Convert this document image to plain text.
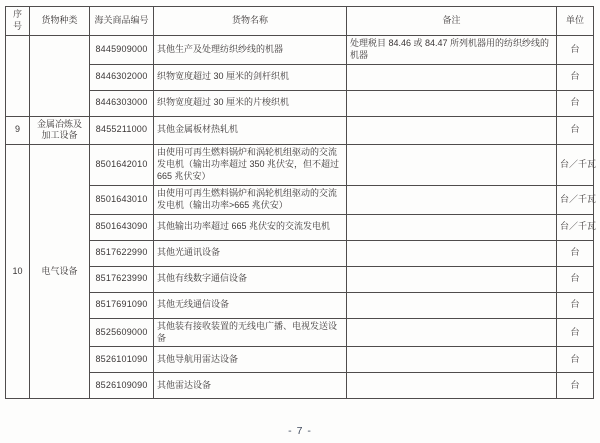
序号	货物种类	海关商品编号	货物名称	备注	单位
		8445909000	其他生产及处理纺织纱线的机器	处理税目 84.46 或 84.47 所列机器用的纺织纱线的机器	台
		8446302000	织物宽度超过 30 厘米的剑杆织机		台
		8446303000	织物宽度超过 30 厘米的片梭织机		台
9	金属冶炼及加工设备	8455211000	其他金属板材热轧机		台
10	电气设备	8501642010	由使用可再生燃料锅炉和涡轮机组驱动的交流发电机（输出功率超过 350 兆伏安，但不超过 665 兆伏安）		台／千瓦
		8501643010	由使用可再生燃料锅炉和涡轮机组驱动的交流发电机（输出功率>665 兆伏安）		台／千瓦
		8501643090	其他输出功率超过 665 兆伏安的交流发电机		台／千瓦
		8517622990	其他光通讯设备		台
		8517623990	其他有线数字通信设备		台
		8517691090	其他无线通信设备		台
		8525609000	其他装有接收装置的无线电广播、电视发送设备		台
		8526101090	其他导航用雷达设备		台
		8526109090	其他雷达设备		台
- 7 -
